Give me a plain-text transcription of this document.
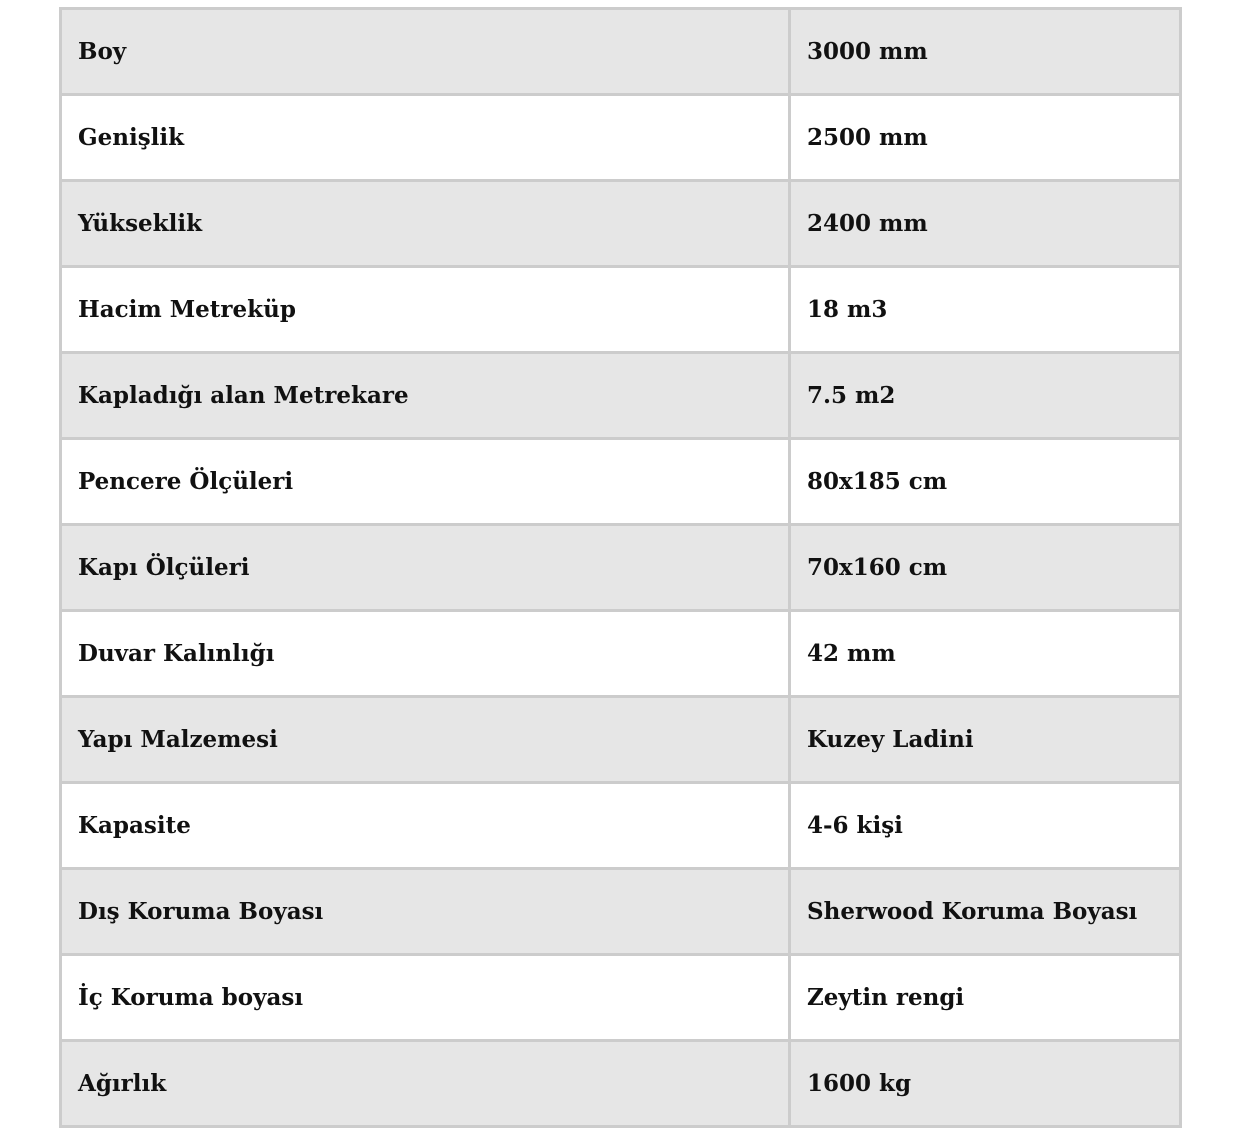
Boy	3000 mm
Genişlik	2500 mm
Yükseklik	2400 mm
Hacim Metreküp	18 m3
Kapladığı alan Metrekare	7.5 m2
Pencere Ölçüleri	80x185 cm
Kapı Ölçüleri	70x160 cm
Duvar Kalınlığı	42 mm
Yapı Malzemesi	Kuzey Ladini
Kapasite	4-6 kişi
Dış Koruma Boyası	Sherwood Koruma Boyası
İç Koruma boyası	Zeytin rengi
Ağırlık	1600 kg
